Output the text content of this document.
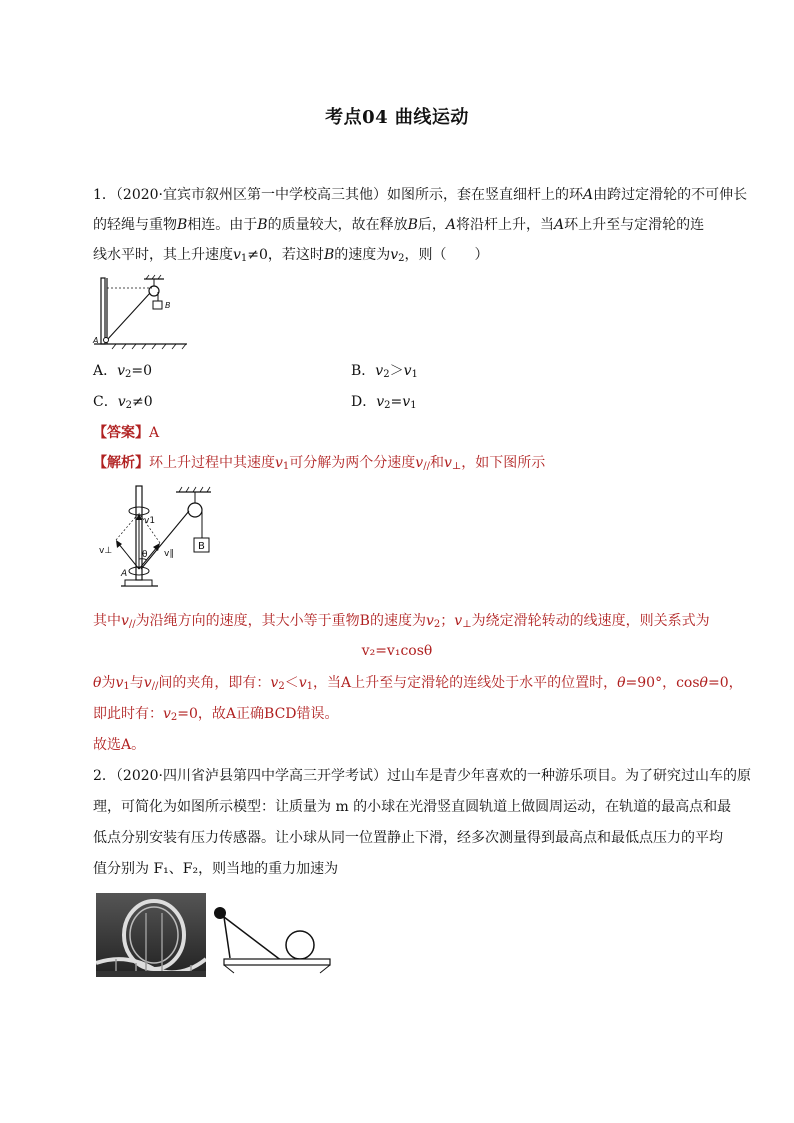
考点04 曲线运动
1．（2020·宜宾市叙州区第一中学校高三其他）如图所示，套在竖直细杆上的环A由跨过定滑轮的不可伸长
的轻绳与重物B相连。由于B的质量较大，故在释放B后，A将沿杆上升，当A环上升至与定滑轮的连
线水平时，其上升速度$v_1\ne 0$，若这时B的速度为$v_2$，则（　　）
B
A
A．$v_2=0$	B．$v_2>v_1$
C．$v_2\ne 0$	D．$v_2=v_1$
【答案】A
【解析】环上升过程中其速度$v_1$可分解为两个分速度$v_{//}$和$v_\perp$，如下图所示
B
v1
v⊥	v∥
θ
A
其中$v_{//}$为沿绳方向的速度，其大小等于重物B的速度为$v_2$；$v_\perp$为绕定滑轮转动的线速度，则关系式为
v₂=v₁cosθ
θ为$v_1$与$v_{//}$间的夹角，即有：$v_2<v_1$，当A上升至与定滑轮的连线处于水平的位置时，θ=90°，cosθ=0，
即此时有：$v_2=0$，故A正确BCD错误。
故选A。
2．（2020·四川省泸县第四中学高三开学考试）过山车是青少年喜欢的一种游乐项目。为了研究过山车的原
理，可简化为如图所示模型：让质量为 m 的小球在光滑竖直圆轨道上做圆周运动，在轨道的最高点和最
低点分别安装有压力传感器。让小球从同一位置静止下滑，经多次测量得到最高点和最低点压力的平均
值分别为 F₁、F₂，则当地的重力加速为
